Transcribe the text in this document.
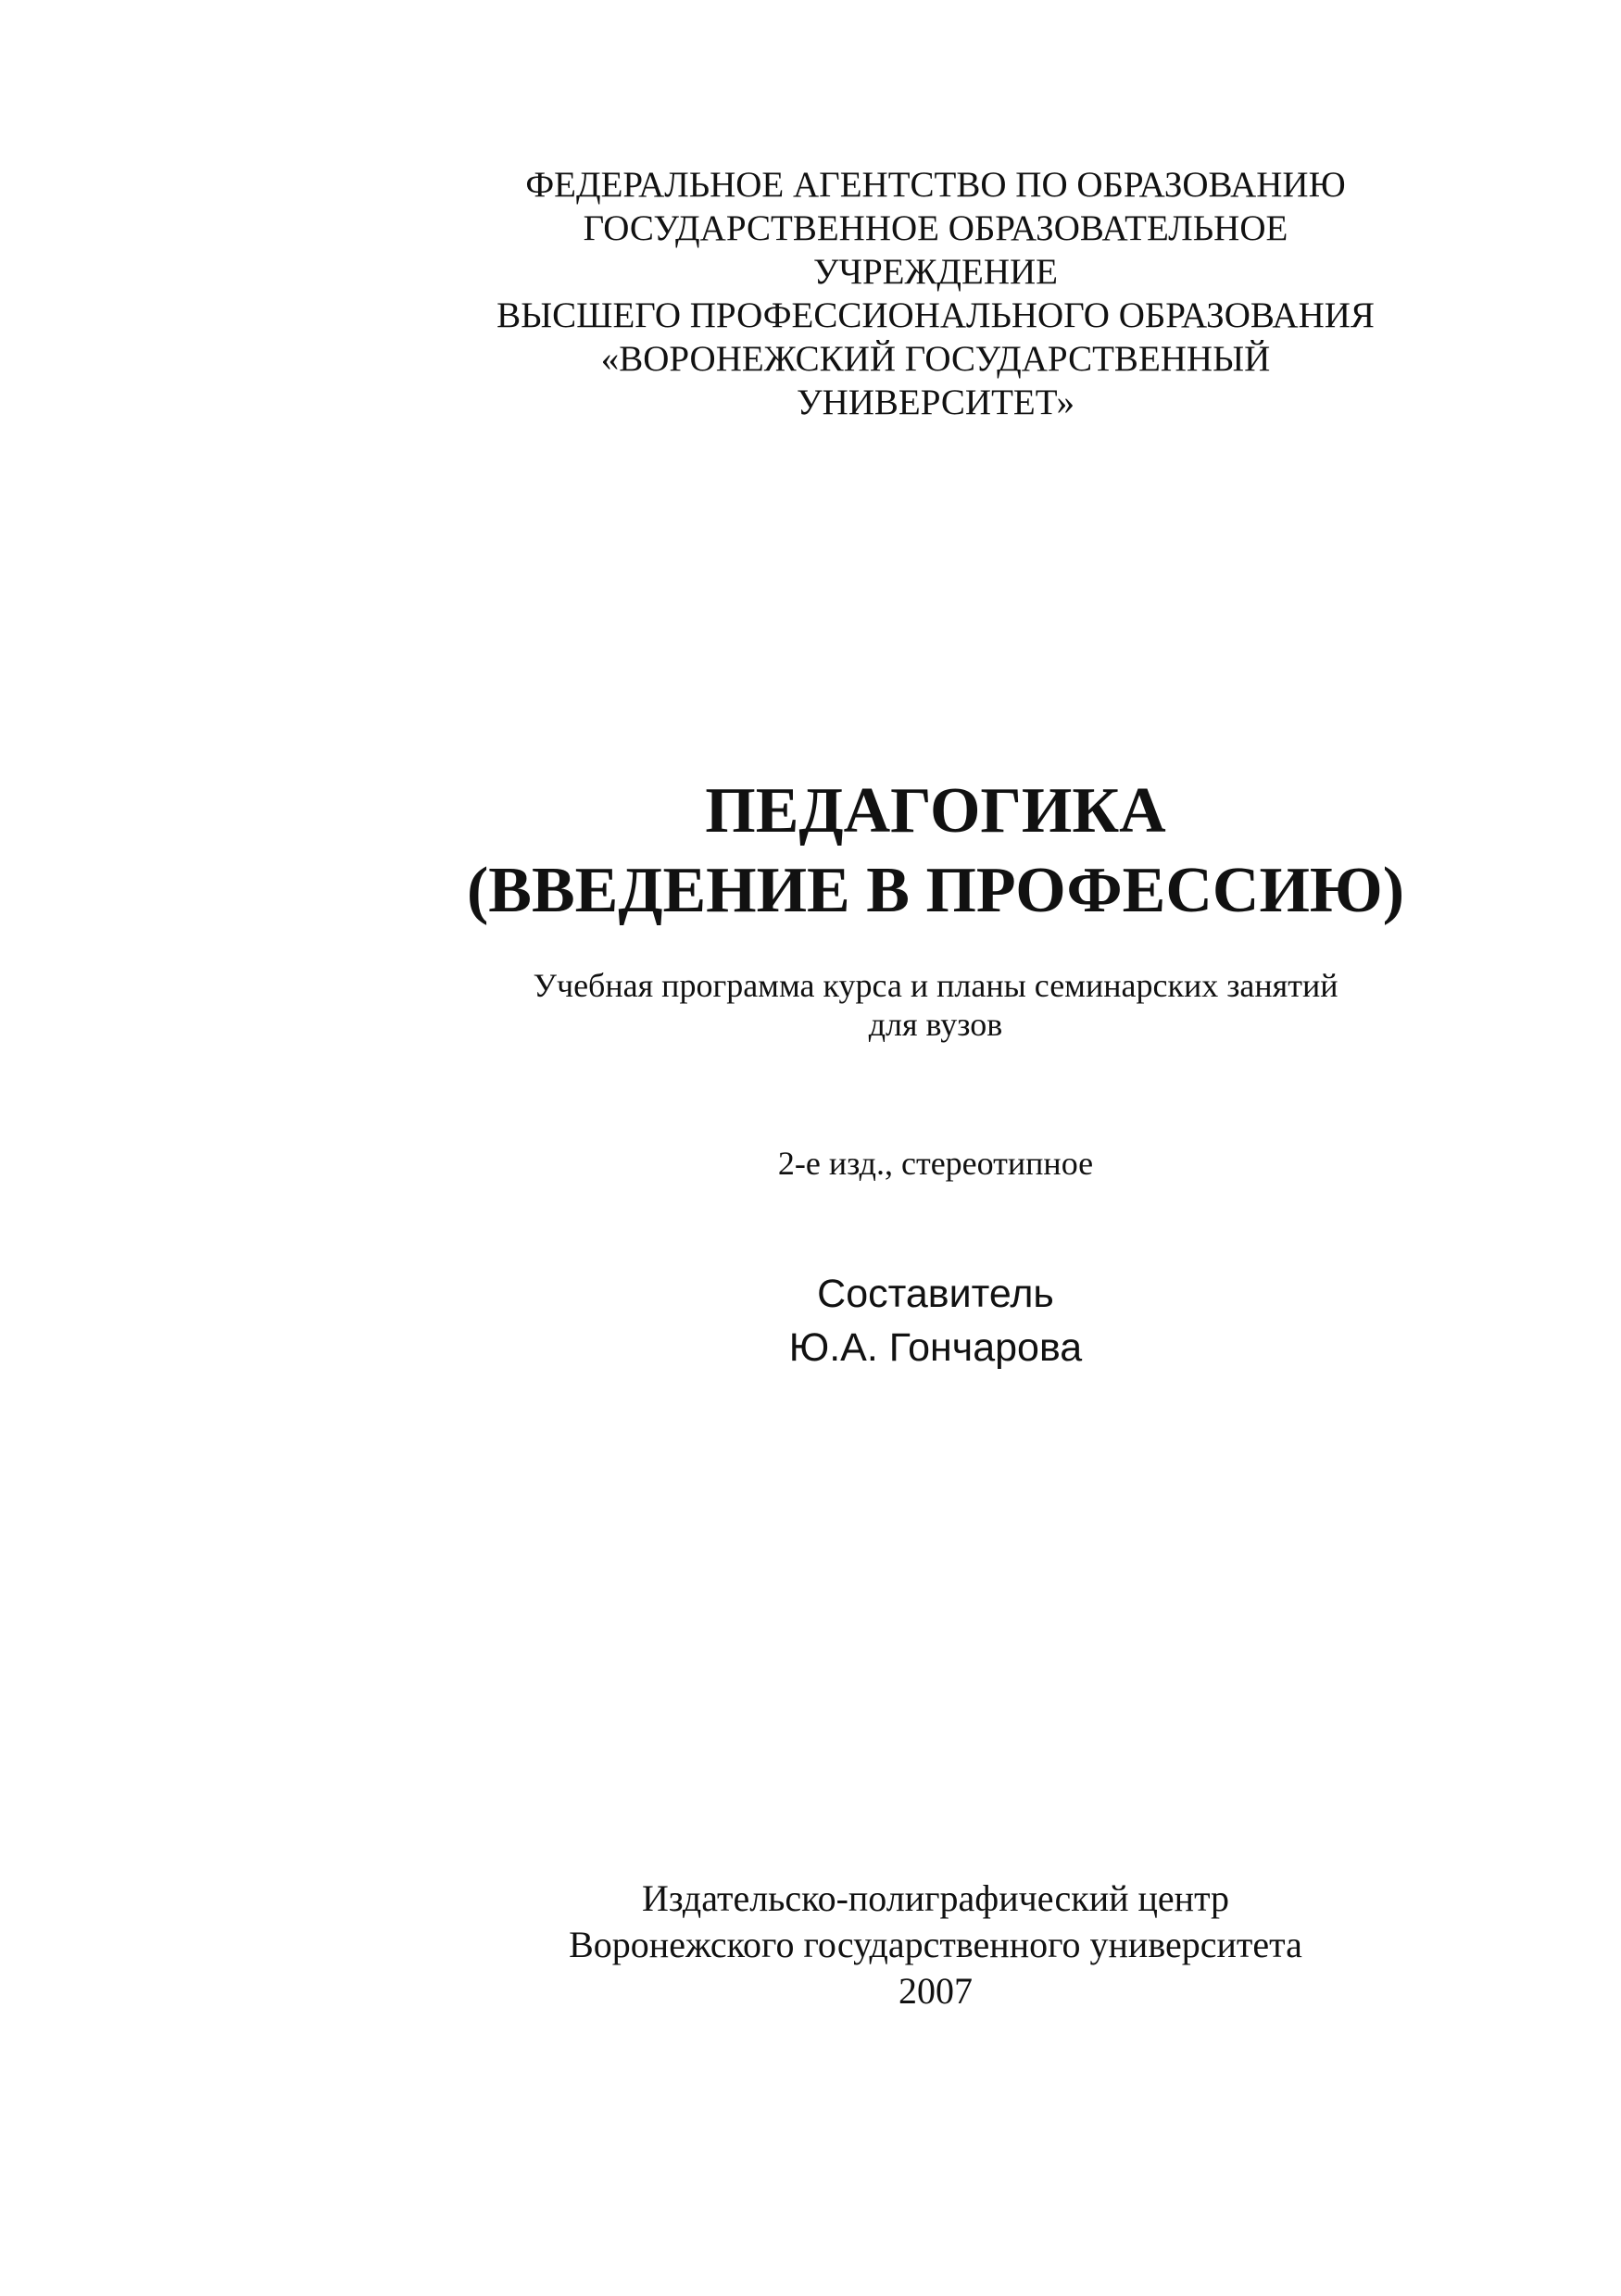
ФЕДЕРАЛЬНОЕ АГЕНТСТВО ПО ОБРАЗОВАНИЮ
ГОСУДАРСТВЕННОЕ ОБРАЗОВАТЕЛЬНОЕ
УЧРЕЖДЕНИЕ
ВЫСШЕГО ПРОФЕССИОНАЛЬНОГО ОБРАЗОВАНИЯ
«ВОРОНЕЖСКИЙ ГОСУДАРСТВЕННЫЙ
УНИВЕРСИТЕТ»
ПЕДАГОГИКА
(ВВЕДЕНИЕ В ПРОФЕССИЮ)
Учебная программа курса и планы семинарских занятий
для вузов
2-е изд., стереотипное
Составитель
Ю.А. Гончарова
Издательско-полиграфический центр
Воронежского государственного университета
2007
